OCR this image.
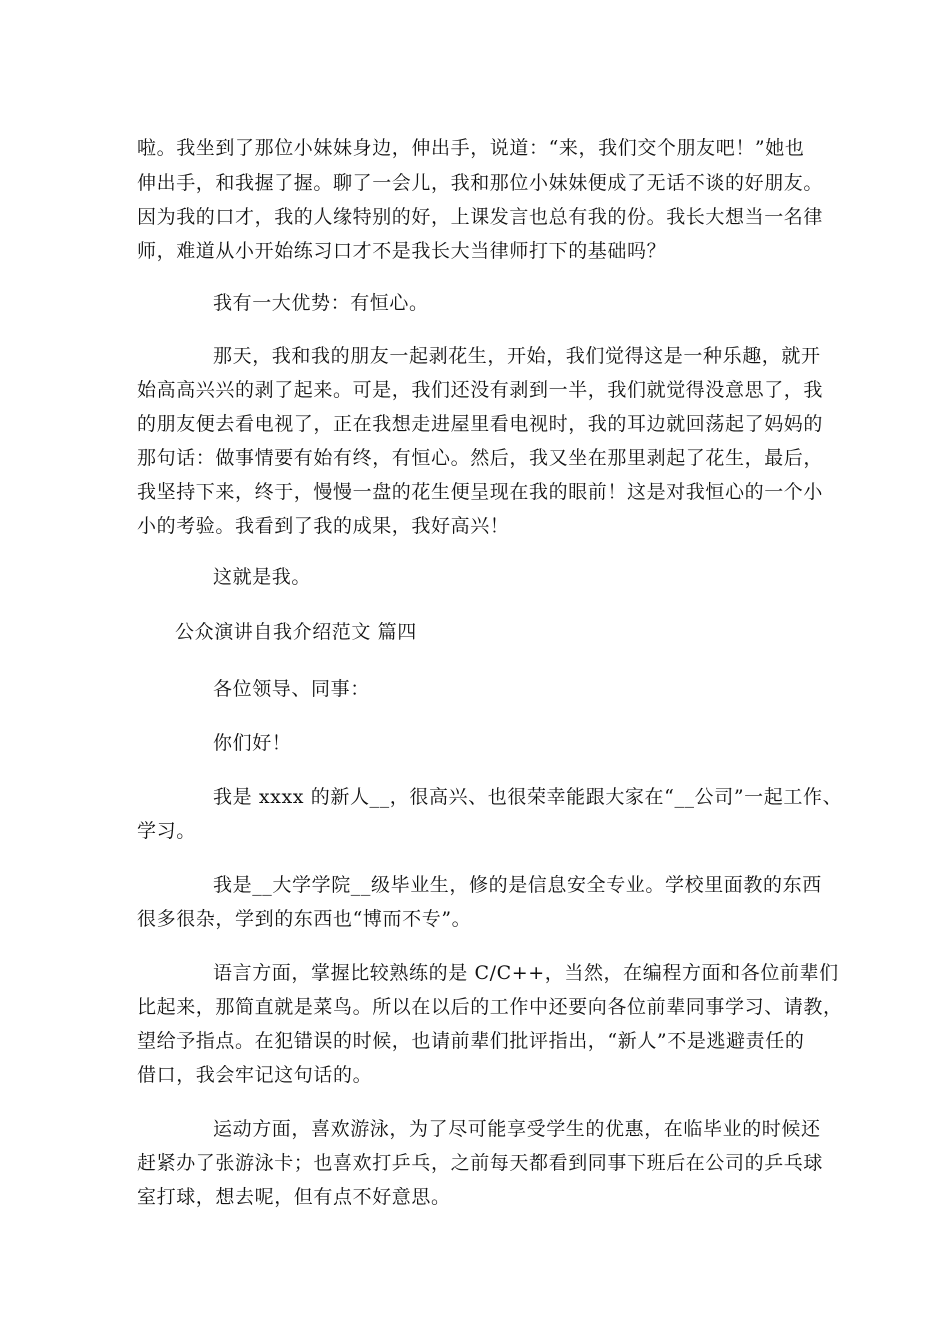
啦。我坐到了那位小妹妹身边，伸出手，说道：“来，我们交个朋友吧！”她也
伸出手，和我握了握。聊了一会儿，我和那位小妹妹便成了无话不谈的好朋友。
因为我的口才，我的人缘特别的好，上课发言也总有我的份。我长大想当一名律
师，难道从小开始练习口才不是我长大当律师打下的基础吗？
我有一大优势：有恒心。
那天，我和我的朋友一起剥花生，开始，我们觉得这是一种乐趣，就开
始高高兴兴的剥了起来。可是，我们还没有剥到一半，我们就觉得没意思了，我
的朋友便去看电视了，正在我想走进屋里看电视时，我的耳边就回荡起了妈妈的
那句话：做事情要有始有终，有恒心。然后，我又坐在那里剥起了花生，最后，
我坚持下来，终于，慢慢一盘的花生便呈现在我的眼前！这是对我恒心的一个小
小的考验。我看到了我的成果，我好高兴！
这就是我。
公众演讲自我介绍范文 篇四
各位领导、同事：
你们好！
我是 xxxx 的新人__，很高兴、也很荣幸能跟大家在“__公司”一起工作、
学习。
我是__大学学院__级毕业生，修的是信息安全专业。学校里面教的东西
很多很杂，学到的东西也“博而不专”。
语言方面，掌握比较熟练的是 C/C++，当然，在编程方面和各位前辈们
比起来，那简直就是菜鸟。所以在以后的工作中还要向各位前辈同事学习、请教，
望给予指点。在犯错误的时候，也请前辈们批评指出，“新人”不是逃避责任的
借口，我会牢记这句话的。
运动方面，喜欢游泳，为了尽可能享受学生的优惠，在临毕业的时候还
赶紧办了张游泳卡；也喜欢打乒乓，之前每天都看到同事下班后在公司的乒乓球
室打球，想去呢，但有点不好意思。
